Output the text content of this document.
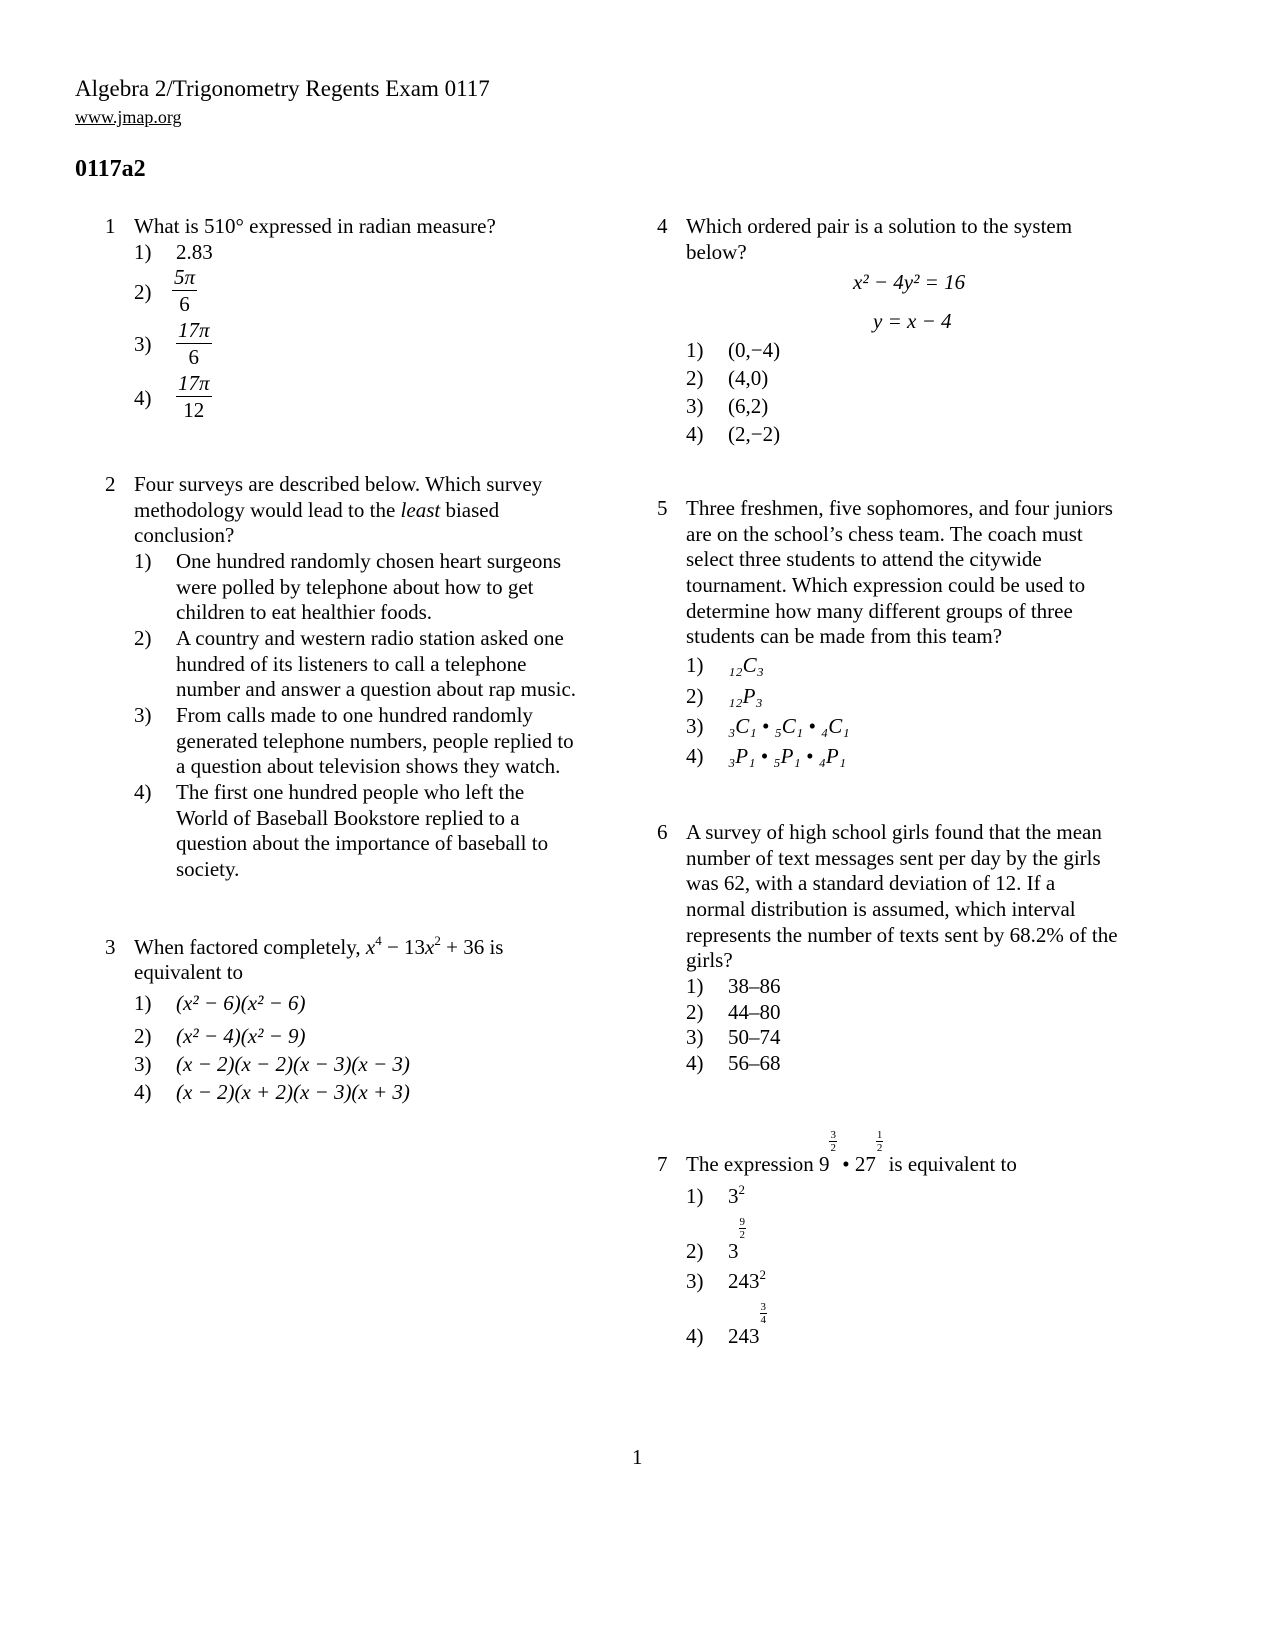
Algebra 2/Trigonometry Regents Exam 0117
www.jmap.org
0117a2
1 What is 510° expressed in radian measure?
1) 2.83
$2) \frac{5\pi}{6}$
$3) \frac{17\pi}{6}$
$4) \frac{17\pi}{12}$
2 Four surveys are described below. Which survey
methodology would lead to the least biased
conclusion?
1) One hundred randomly chosen heart surgeons
were polled by telephone about how to get
children to eat healthier foods.
2) A country and western radio station asked one
hundred of its listeners to call a telephone
number and answer a question about rap music.
3) From calls made to one hundred randomly
generated telephone numbers, people replied to
a question about television shows they watch.
4) The first one hundred people who left the
World of Baseball Bookstore replied to a
question about the importance of baseball to
society.
3 When factored completely, $x^4 - 13x^2 + 36$ is
equivalent to
1) (x² − 6)(x² − 6)
2) (x² − 4)(x² − 9)
3) (x − 2)(x − 2)(x − 3)(x − 3)
4) (x − 2)(x + 2)(x − 3)(x + 3)
4 Which ordered pair is a solution to the system
below?
x² − 4y² = 16
y = x − 4
1) (0,−4)
2) (4,0)
3) (6,2)
4) (2,−2)
5 Three freshmen, five sophomores, and four juniors
are on the school’s chess team. The coach must
select three students to attend the citywide
tournament. Which expression could be used to
determine how many different groups of three
students can be made from this team?
1) ₁₂C₃
2) ₁₂P₃
3) ₃C₁ • ₅C₁ • ₄C₁
4) ₃P₁ • ₅P₁ • ₄P₁
6 A survey of high school girls found that the mean
number of text messages sent per day by the girls
was 62, with a standard deviation of 12. If a
normal distribution is assumed, which interval
represents the number of texts sent by 68.2% of the
girls?
1) 38–86
2) 44–80
3) 50–74
4) 56–68
7 The expression 9
$\frac{3}{2}$
• 27
$\frac{1}{2}$
is equivalent to
1) $3^2$
2) 3
$\frac{9}{2}$
3) $243^2$
4) 243
$\frac{3}{4}$
1
